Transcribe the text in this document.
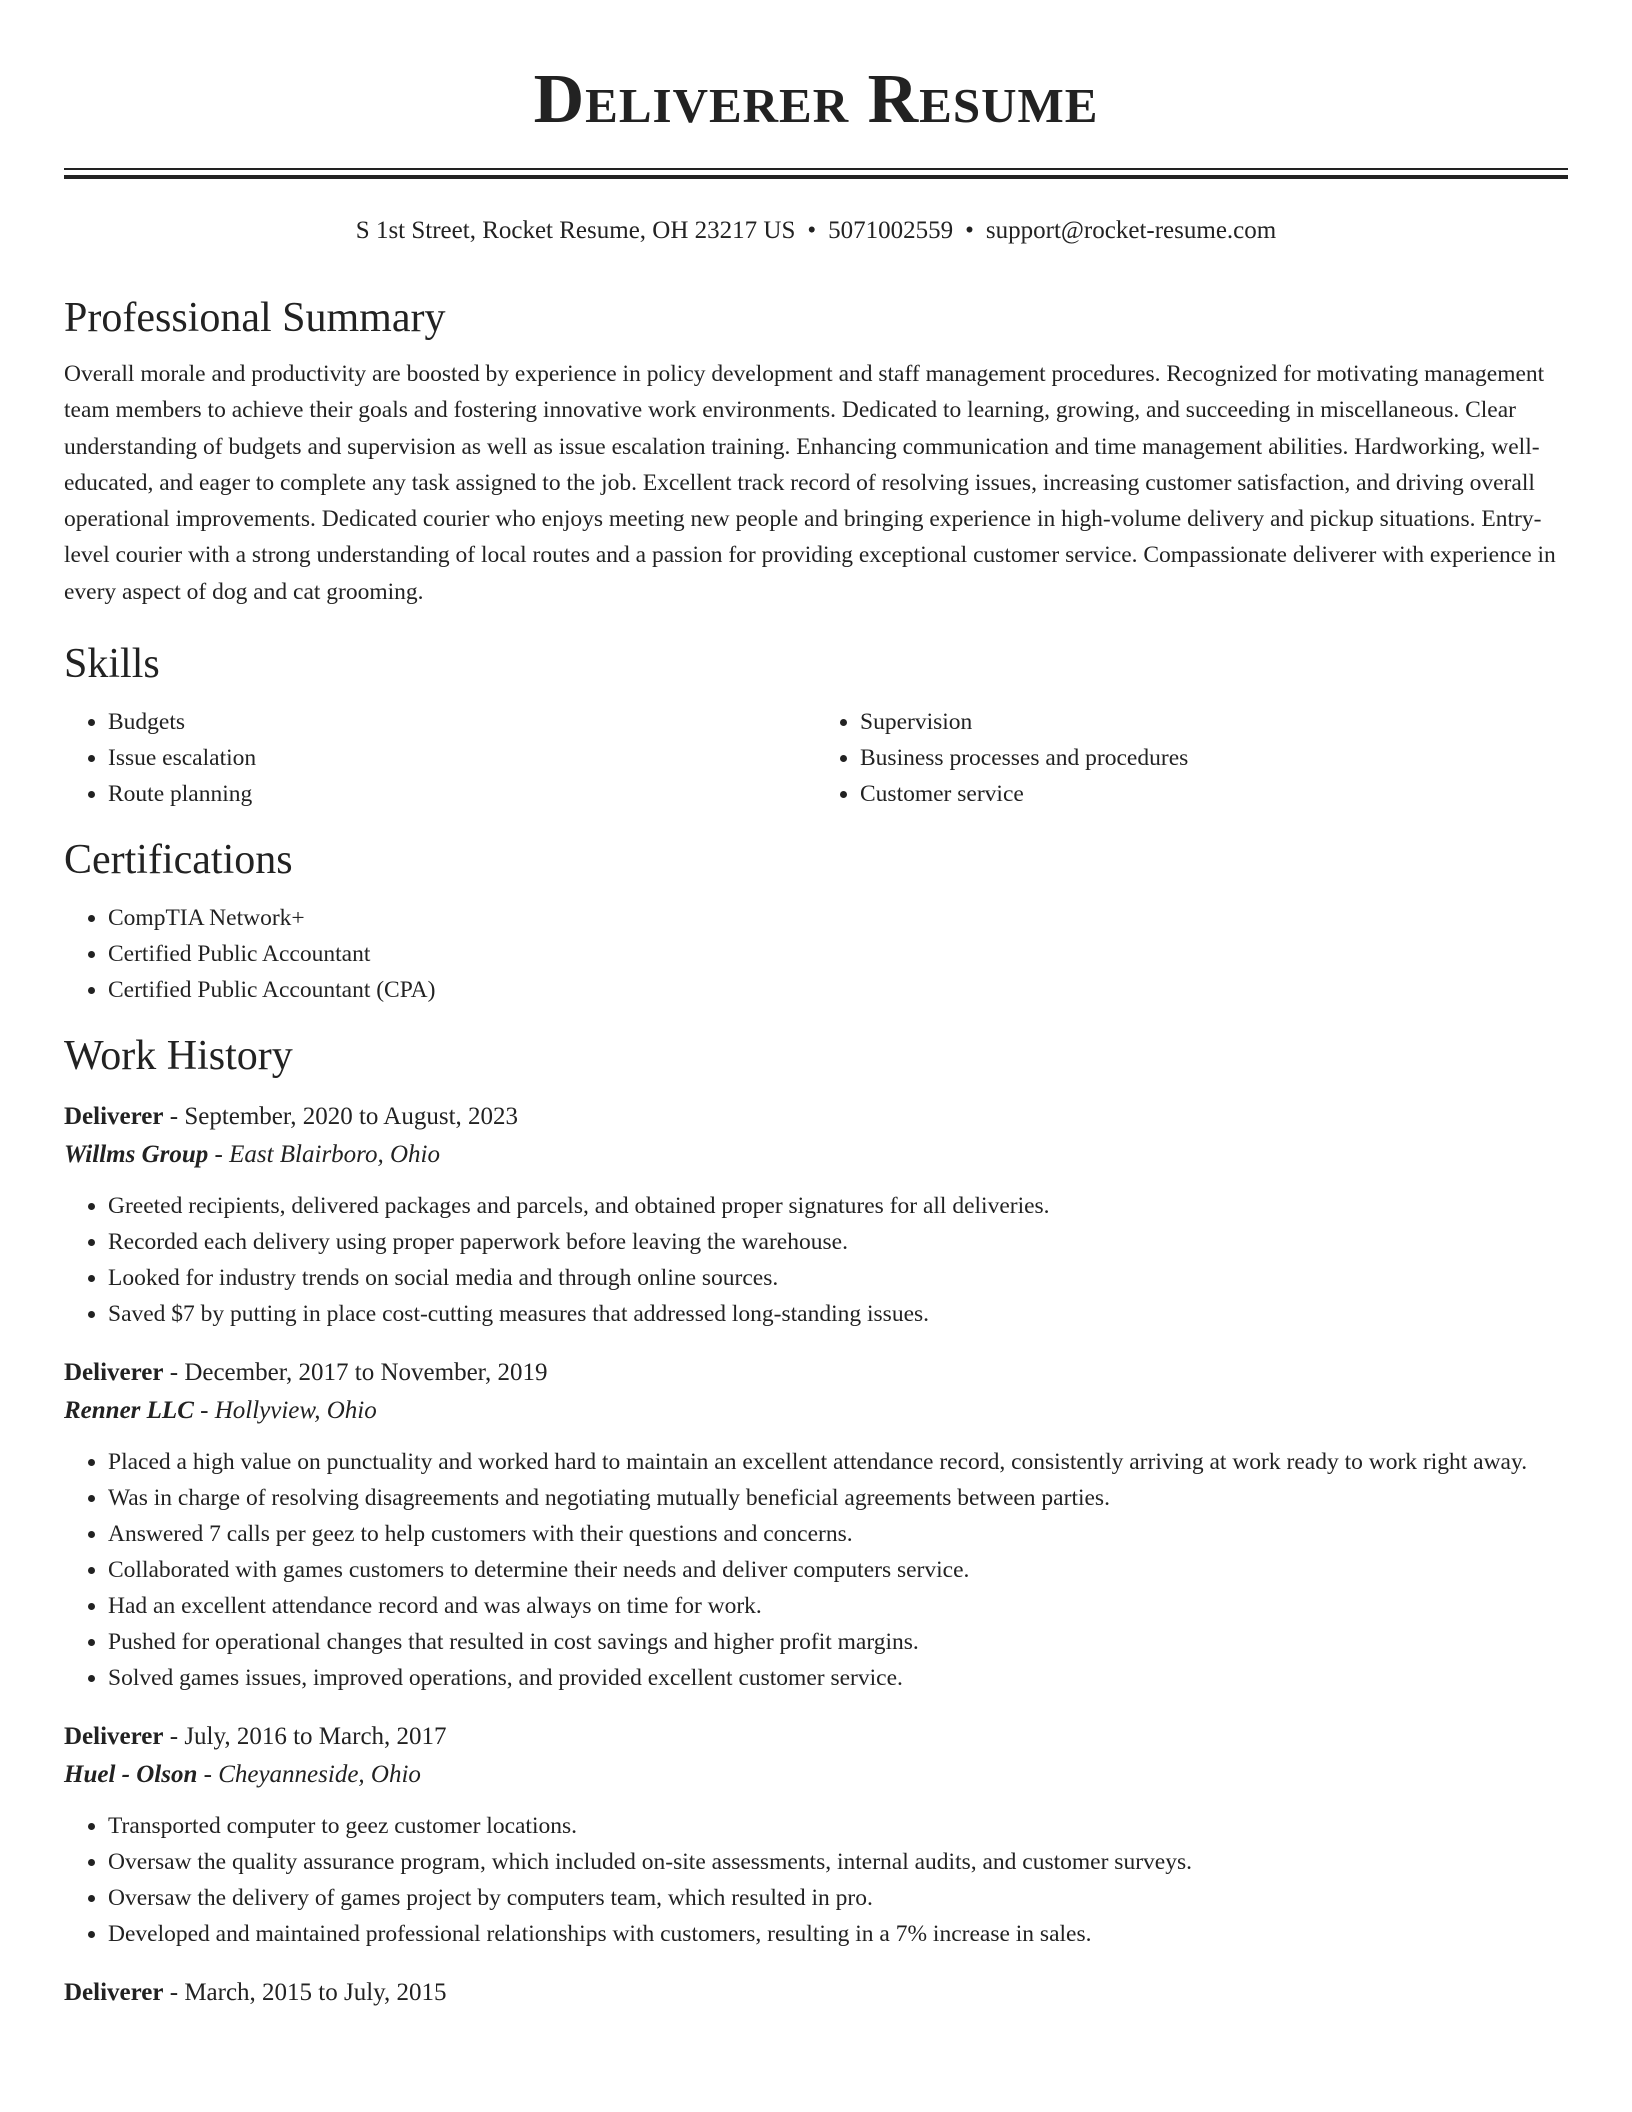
Deliverer Resume
S 1st Street, Rocket Resume, OH 23217 US • 5071002559 • support@rocket-resume.com
Professional Summary

Overall morale and productivity are boosted by experience in policy development and staff management procedures. Recognized for motivating management team members to achieve their goals and fostering innovative work environments. Dedicated to learning, growing, and succeeding in miscellaneous. Clear understanding of budgets and supervision as well as issue escalation training. Enhancing communication and time management abilities. Hardworking, well-educated, and eager to complete any task assigned to the job. Excellent track record of resolving issues, increasing customer satisfaction, and driving overall operational improvements. Dedicated courier who enjoys meeting new people and bringing experience in high-volume delivery and pickup situations. Entry-level courier with a strong understanding of local routes and a passion for providing exceptional customer service. Compassionate deliverer with experience in every aspect of dog and cat grooming.

Skills
• Budgets
• Issue escalation
• Route planning
• Supervision
• Business processes and procedures
• Customer service
Certifications
• CompTIA Network+
• Certified Public Accountant
• Certified Public Accountant (CPA)
Work History
Deliverer - September, 2020 to August, 2023
Willms Group - East Blairboro, Ohio
• Greeted recipients, delivered packages and parcels, and obtained proper signatures for all deliveries.
• Recorded each delivery using proper paperwork before leaving the warehouse.
• Looked for industry trends on social media and through online sources.
• Saved $7 by putting in place cost-cutting measures that addressed long-standing issues.
Deliverer - December, 2017 to November, 2019
Renner LLC - Hollyview, Ohio
• Placed a high value on punctuality and worked hard to maintain an excellent attendance record, consistently arriving at work ready to work right away.
• Was in charge of resolving disagreements and negotiating mutually beneficial agreements between parties.
• Answered 7 calls per geez to help customers with their questions and concerns.
• Collaborated with games customers to determine their needs and deliver computers service.
• Had an excellent attendance record and was always on time for work.
• Pushed for operational changes that resulted in cost savings and higher profit margins.
• Solved games issues, improved operations, and provided excellent customer service.
Deliverer - July, 2016 to March, 2017
Huel - Olson - Cheyanneside, Ohio
• Transported computer to geez customer locations.
• Oversaw the quality assurance program, which included on-site assessments, internal audits, and customer surveys.
• Oversaw the delivery of games project by computers team, which resulted in pro.
• Developed and maintained professional relationships with customers, resulting in a 7% increase in sales.
Deliverer - March, 2015 to July, 2015
